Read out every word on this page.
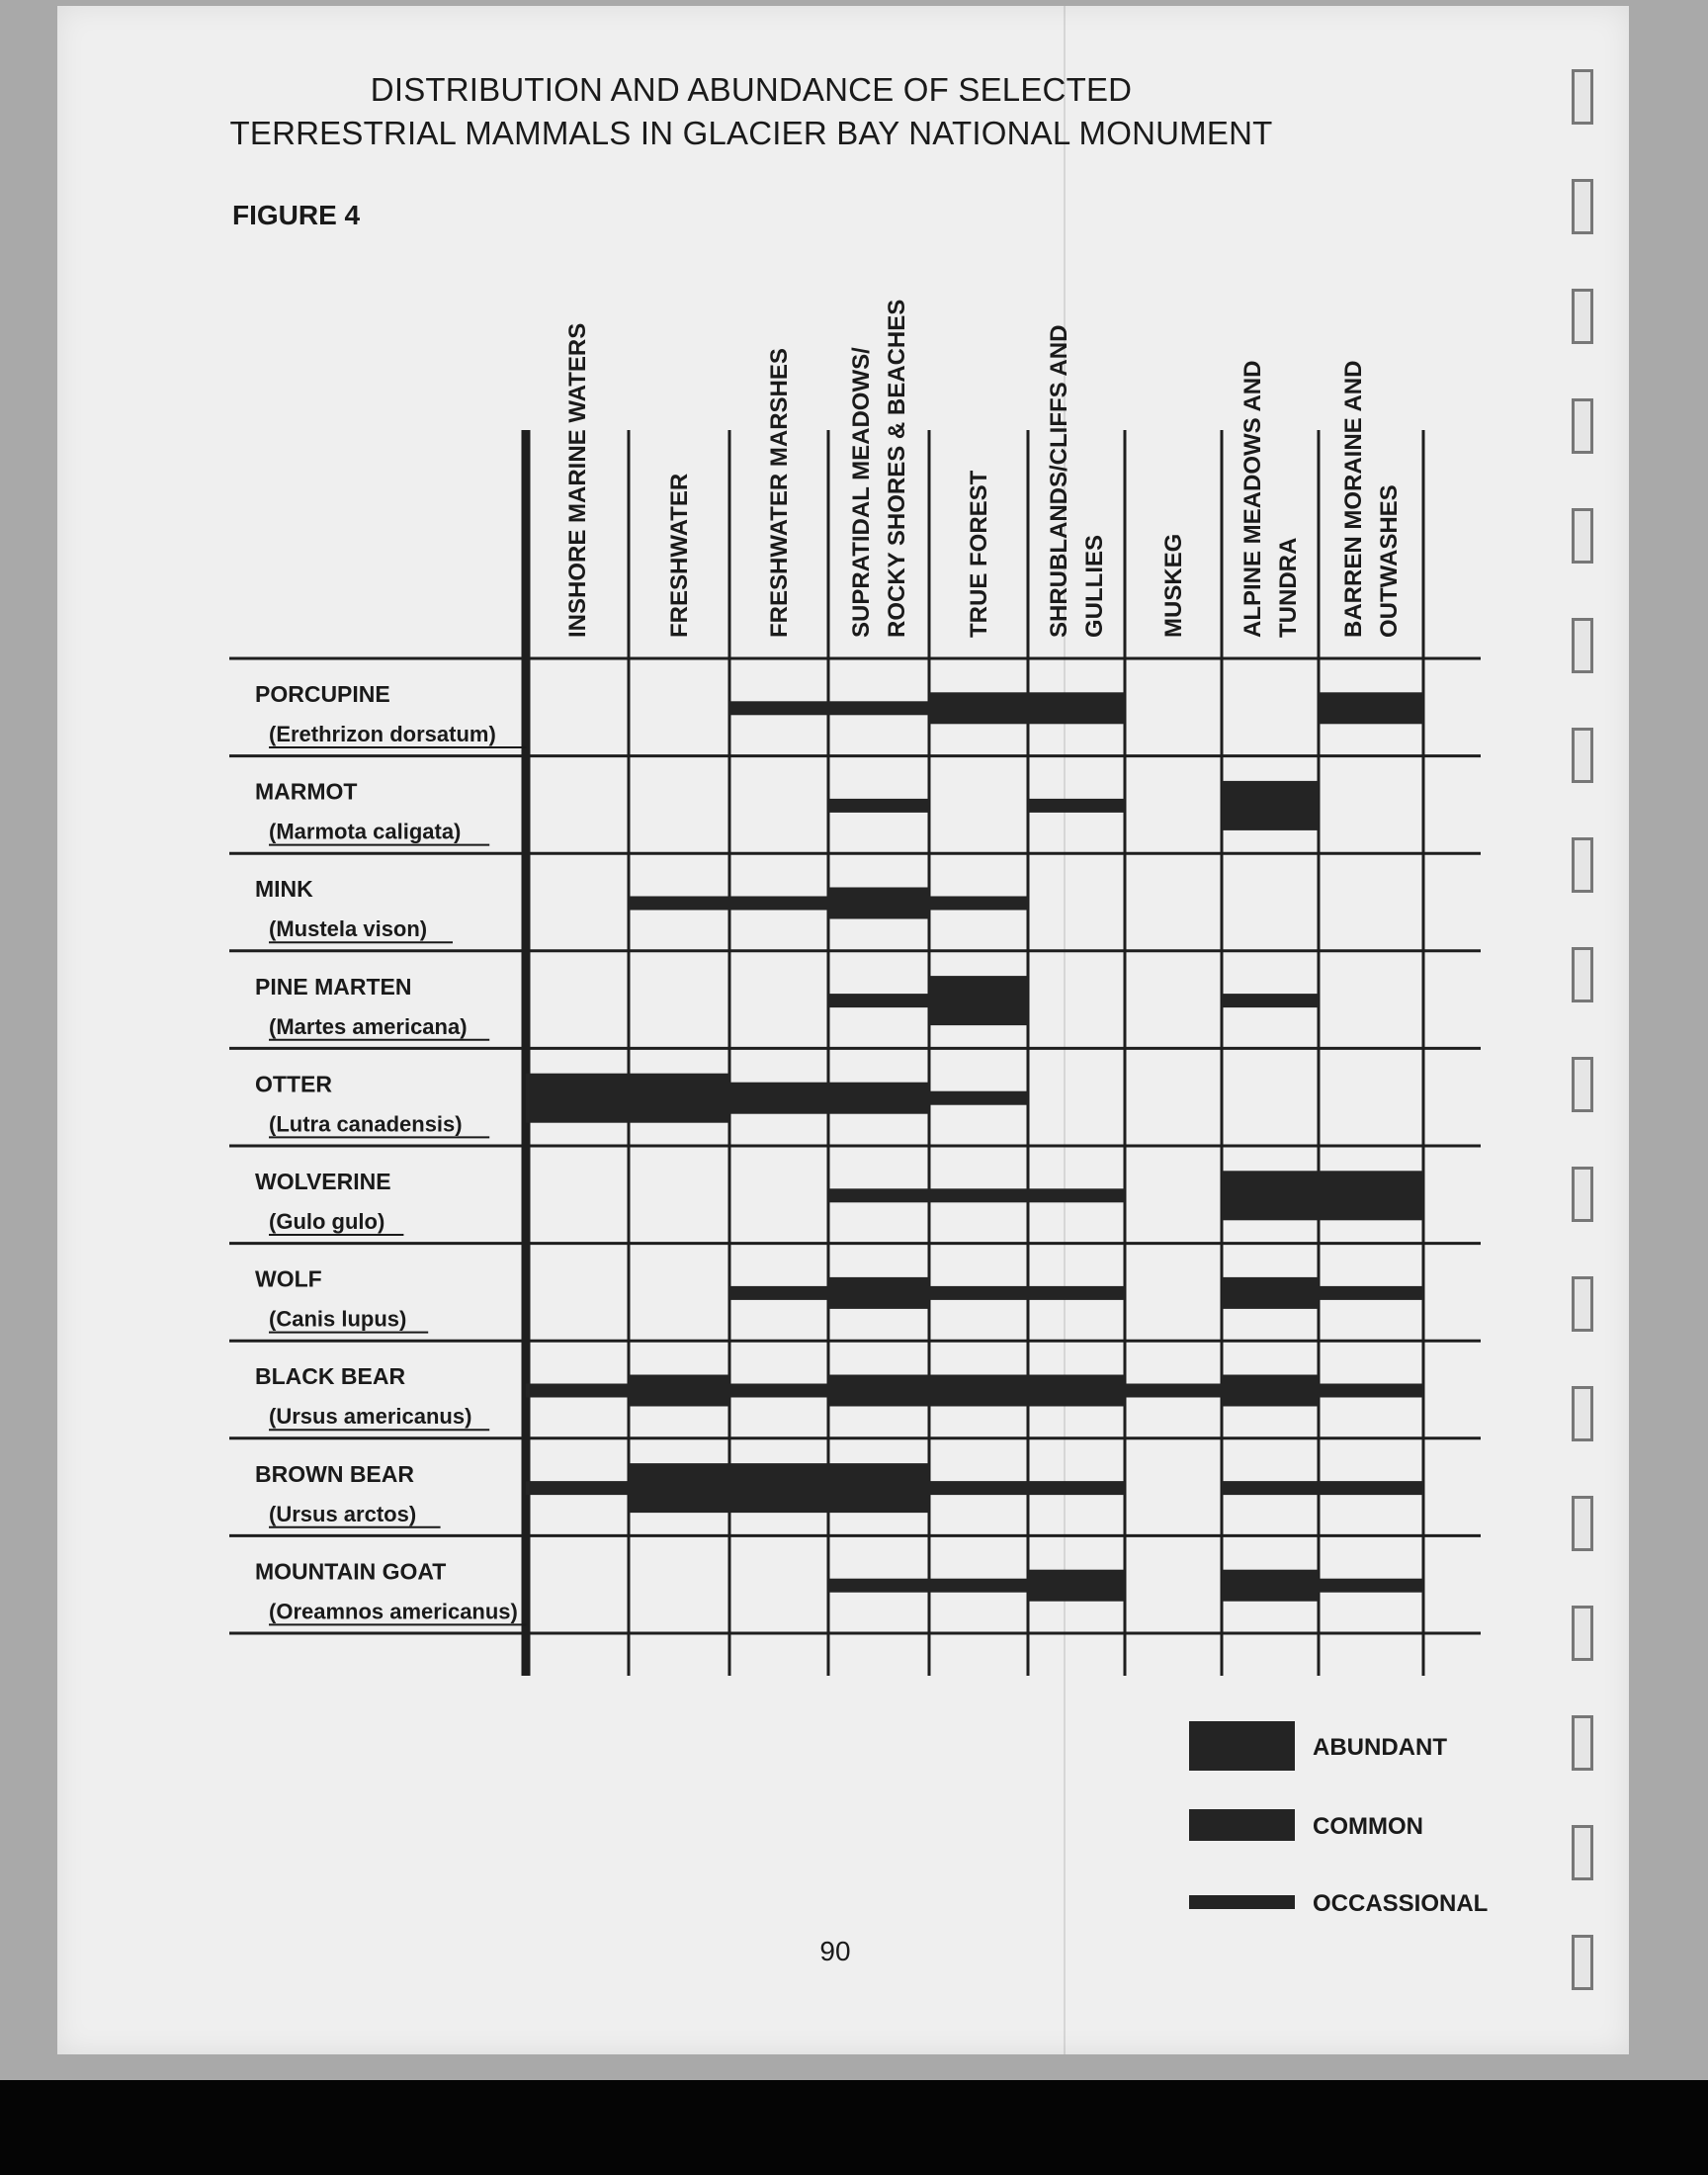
DISTRIBUTION AND ABUNDANCE OF SELECTED
TERRESTRIAL MAMMALS IN GLACIER BAY NATIONAL MONUMENT
FIGURE 4
INSHORE MARINE WATERS	FRESHWATER	FRESHWATER MARSHES SUPRATIDAL MEADOWS/ ROCKY SHORES & BEACHES TRUE FOREST SHRUBLANDS/CLIFFS AND GULLIES MUSKEG ALPINE MEADOWS AND TUNDRA BARREN MORAINE AND OUTWASHES
PORCUPINE
(Erethrizon dorsatum)
MARMOT
(Marmota caligata)
MINK
(Mustela vison)
PINE MARTEN
(Martes americana)
OTTER
(Lutra canadensis)
WOLVERINE
(Gulo gulo)
WOLF
(Canis lupus)
BLACK BEAR
(Ursus americanus)
BROWN BEAR
(Ursus arctos)
MOUNTAIN GOAT
(Oreamnos americanus)
ABUNDANT
COMMON
OCCASSIONAL
90
